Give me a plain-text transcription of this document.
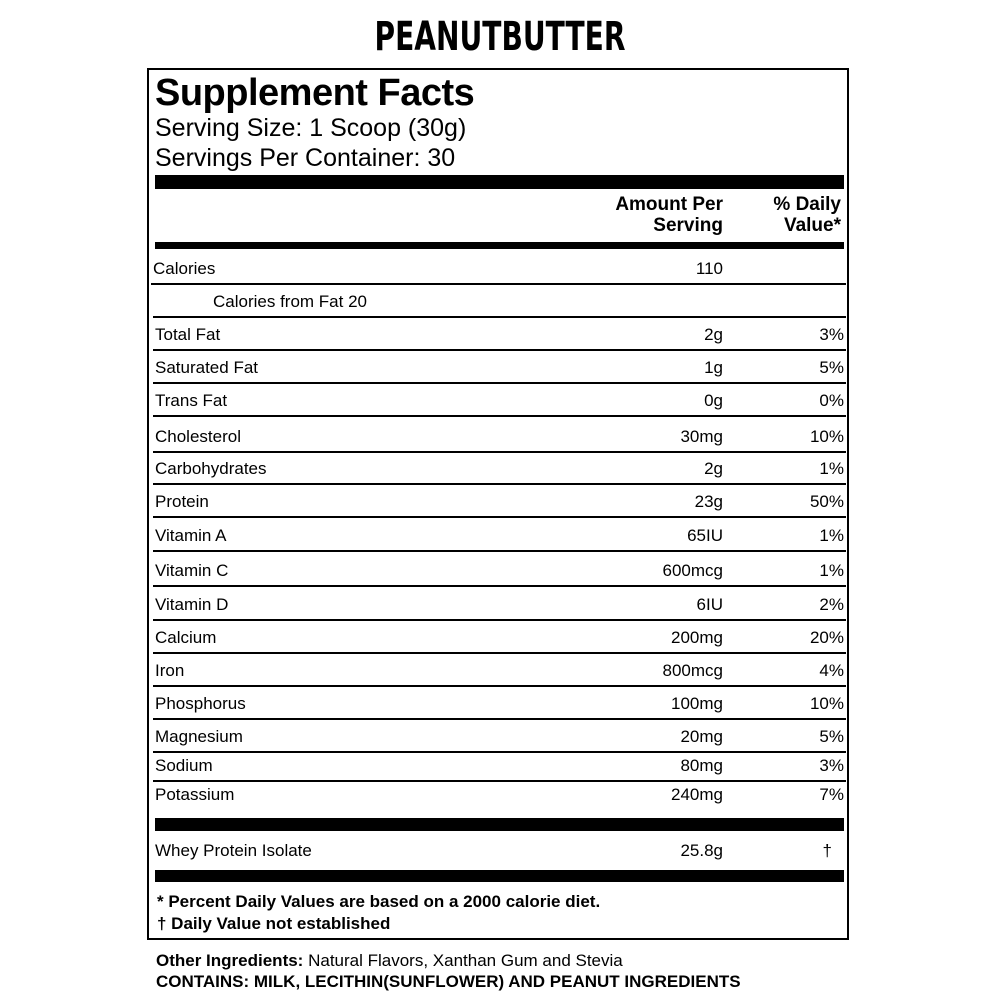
PEANUTBUTTER
Supplement Facts
Serving Size: 1 Scoop (30g)
Servings Per Container: 30
Amount Per
Serving
% Daily
Value*
Calories	110
Calories from Fat 20
Total Fat	2g	3%
Saturated Fat	1g	5%
Trans Fat	0g	0%
Cholesterol	30mg	10%
Carbohydrates	2g	1%
Protein	23g	50%
Vitamin A	65IU	1%
Vitamin C	600mcg	1%
Vitamin D	6IU	2%
Calcium	200mg	20%
Iron	800mcg	4%
Phosphorus	100mg	10%
Magnesium	20mg	5%
Sodium	80mg	3%
Potassium	240mg	7%
Whey Protein Isolate	25.8g	†
* Percent Daily Values are based on a 2000 calorie diet.
† Daily Value not established
Other Ingredients: Natural Flavors, Xanthan Gum and Stevia
CONTAINS: MILK, LECITHIN(SUNFLOWER) AND PEANUT INGREDIENTS
